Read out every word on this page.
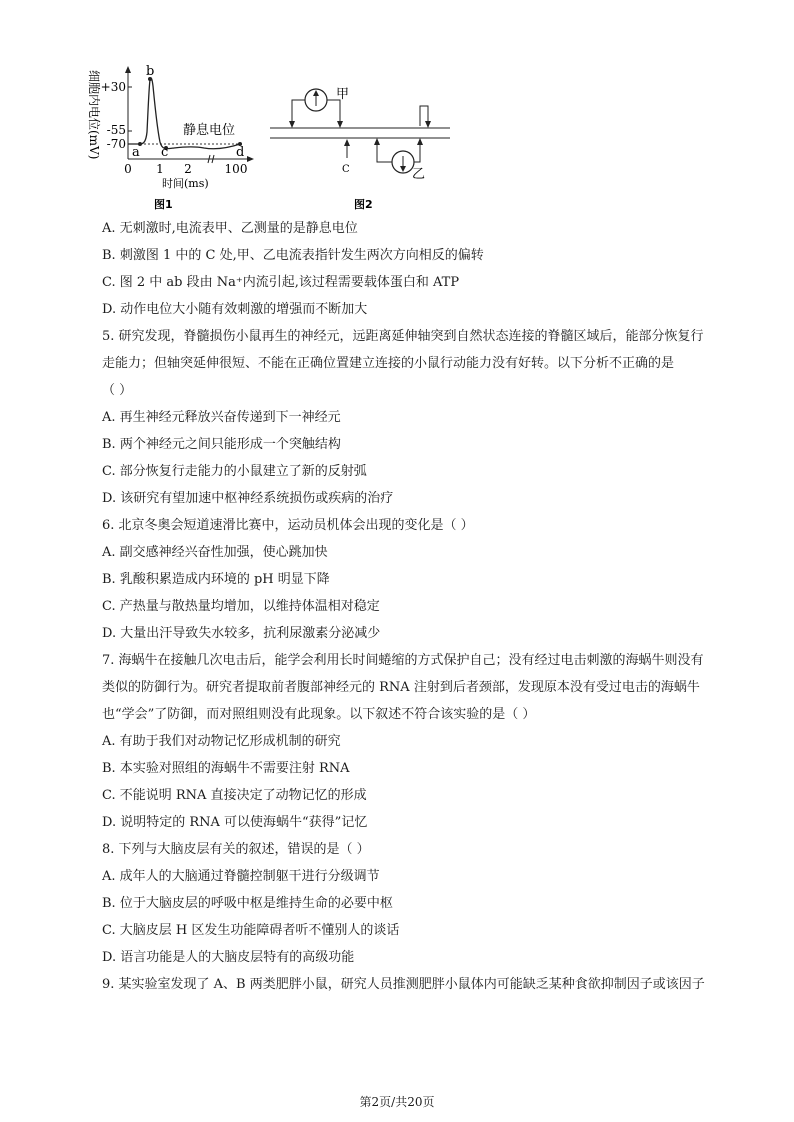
细胞内电位(mV) +30
-55
-70
a
b
c	d
静息电位
0 1 2	100
时间(ms)
图1
甲
C	乙
图2
A. 无刺激时,电流表甲、乙测量的是静息电位
B. 刺激图 1 中的 C 处,甲、乙电流表指针发生两次方向相反的偏转
C. 图 2 中 ab 段由 Na⁺内流引起,该过程需要载体蛋白和 ATP
D. 动作电位大小随有效刺激的增强而不断加大
5. 研究发现，脊髓损伤小鼠再生的神经元，远距离延伸轴突到自然状态连接的脊髓区域后，能部分恢复行
走能力；但轴突延伸很短、不能在正确位置建立连接的小鼠行动能力没有好转。以下分析不正确的是
（ ）
A. 再生神经元释放兴奋传递到下一神经元
B. 两个神经元之间只能形成一个突触结构
C. 部分恢复行走能力的小鼠建立了新的反射弧
D. 该研究有望加速中枢神经系统损伤或疾病的治疗
6. 北京冬奥会短道速滑比赛中，运动员机体会出现的变化是（ ）
A. 副交感神经兴奋性加强，使心跳加快
B. 乳酸积累造成内环境的 pH 明显下降
C. 产热量与散热量均增加，以维持体温相对稳定
D. 大量出汗导致失水较多，抗利尿激素分泌减少
7. 海蜗牛在接触几次电击后，能学会利用长时间蜷缩的方式保护自己；没有经过电击刺激的海蜗牛则没有
类似的防御行为。研究者提取前者腹部神经元的 RNA 注射到后者颈部，发现原本没有受过电击的海蜗牛
也“学会”了防御，而对照组则没有此现象。以下叙述不符合该实验的是（ ）
A. 有助于我们对动物记忆形成机制的研究
B. 本实验对照组的海蜗牛不需要注射 RNA
C. 不能说明 RNA 直接决定了动物记忆的形成
D. 说明特定的 RNA 可以使海蜗牛“获得”记忆
8. 下列与大脑皮层有关的叙述，错误的是（ ）
A. 成年人的大脑通过脊髓控制躯干进行分级调节
B. 位于大脑皮层的呼吸中枢是维持生命的必要中枢
C. 大脑皮层 H 区发生功能障碍者听不懂别人的谈话
D. 语言功能是人的大脑皮层特有的高级功能
9. 某实验室发现了 A、B 两类肥胖小鼠，研究人员推测肥胖小鼠体内可能缺乏某种食欲抑制因子或该因子
第2页/共20页
